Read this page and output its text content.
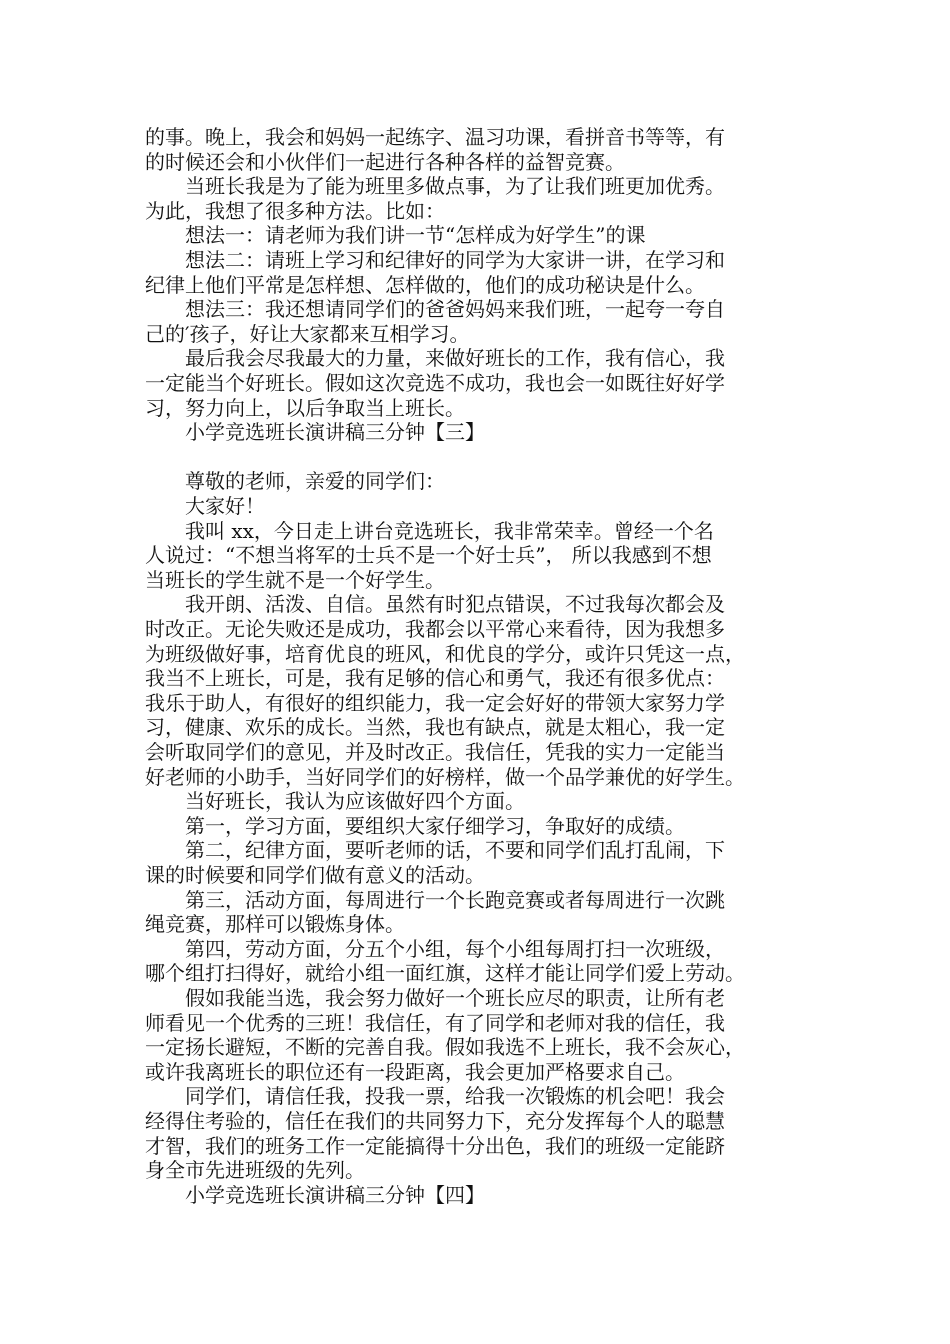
的事。晚上，我会和妈妈一起练字、温习功课，看拼音书等等，有
的时候还会和小伙伴们一起进行各种各样的益智竞赛。
　　当班长我是为了能为班里多做点事，为了让我们班更加优秀。
为此，我想了很多种方法。比如：
　　想法一：请老师为我们讲一节“怎样成为好学生”的课
　　想法二：请班上学习和纪律好的同学为大家讲一讲，在学习和
纪律上他们平常是怎样想、怎样做的，他们的成功秘诀是什么。
　　想法三：我还想请同学们的爸爸妈妈来我们班，一起夸一夸自
己的′孩子，好让大家都来互相学习。
　　最后我会尽我最大的力量，来做好班长的工作，我有信心，我
一定能当个好班长。假如这次竞选不成功，我也会一如既往好好学
习，努力向上，以后争取当上班长。
　　小学竞选班长演讲稿三分钟【三】
　　尊敬的老师，亲爱的同学们：
　　大家好！
　　我叫 xx，今日走上讲台竞选班长，我非常荣幸。曾经一个名
人说过：“不想当将军的士兵不是一个好士兵”， 所以我感到不想
当班长的学生就不是一个好学生。
　　我开朗、活泼、自信。虽然有时犯点错误，不过我每次都会及
时改正。无论失败还是成功，我都会以平常心来看待，因为我想多
为班级做好事，培育优良的班风，和优良的学分，或许只凭这一点，
我当不上班长，可是，我有足够的信心和勇气，我还有很多优点：
我乐于助人，有很好的组织能力，我一定会好好的带领大家努力学
习，健康、欢乐的成长。当然，我也有缺点，就是太粗心，我一定
会听取同学们的意见，并及时改正。我信任，凭我的实力一定能当
好老师的小助手，当好同学们的好榜样，做一个品学兼优的好学生。
　　当好班长，我认为应该做好四个方面。
　　第一，学习方面，要组织大家仔细学习，争取好的成绩。
　　第二，纪律方面，要听老师的话，不要和同学们乱打乱闹，下
课的时候要和同学们做有意义的活动。
　　第三，活动方面，每周进行一个长跑竞赛或者每周进行一次跳
绳竞赛，那样可以锻炼身体。
　　第四，劳动方面，分五个小组，每个小组每周打扫一次班级，
哪个组打扫得好，就给小组一面红旗，这样才能让同学们爱上劳动。
　　假如我能当选，我会努力做好一个班长应尽的职责，让所有老
师看见一个优秀的三班！我信任，有了同学和老师对我的信任，我
一定扬长避短，不断的完善自我。假如我选不上班长，我不会灰心，
或许我离班长的职位还有一段距离，我会更加严格要求自己。
　　同学们，请信任我，投我一票，给我一次锻炼的机会吧！我会
经得住考验的，信任在我们的共同努力下，充分发挥每个人的聪慧
才智，我们的班务工作一定能搞得十分出色，我们的班级一定能跻
身全市先进班级的先列。
　　小学竞选班长演讲稿三分钟【四】
